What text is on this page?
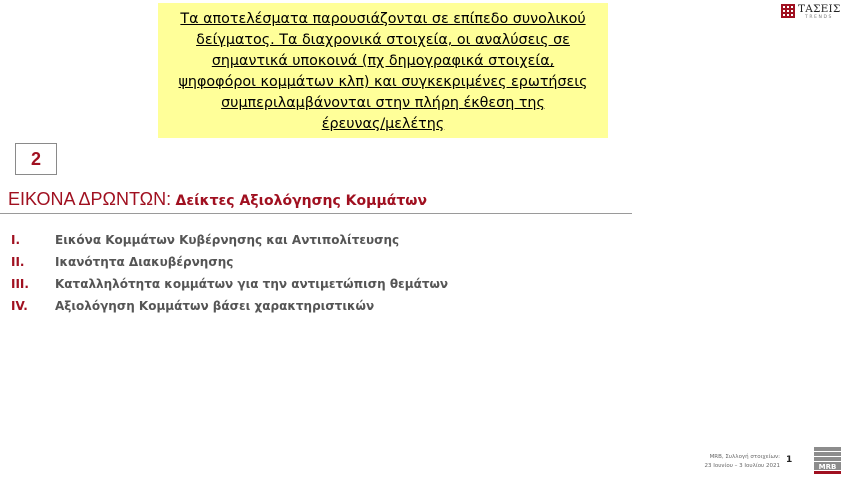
Τα αποτελέσματα παρουσιάζονται σε επίπεδο συνολικού
δείγματος. Τα διαχρονικά στοιχεία, οι αναλύσεις σε
σημαντικά υποκοινά (πχ δημογραφικά στοιχεία,
ψηφοφόροι κομμάτων κλπ) και συγκεκριμένες ερωτήσεις
συμπεριλαμβάνονται στην πλήρη έκθεση της
έρευνας/μελέτης
ΤΑΣΕΙΣ
TRENDS
2
ΕΙΚΟΝΑ ΔΡΩΝΤΩΝ: Δείκτες Αξιολόγησης Κομμάτων
I.	Εικόνα Κομμάτων Κυβέρνησης και Αντιπολίτευσης
II.	Ικανότητα Διακυβέρνησης
III. Καταλληλότητα κομμάτων για την αντιμετώπιση θεμάτων
IV. Αξιολόγηση Κομμάτων βάσει χαρακτηριστικών
MRB, Συλλογή στοιχείων:
23 Ιουνίου – 3 Ιουλίου 2021
1
MRB
